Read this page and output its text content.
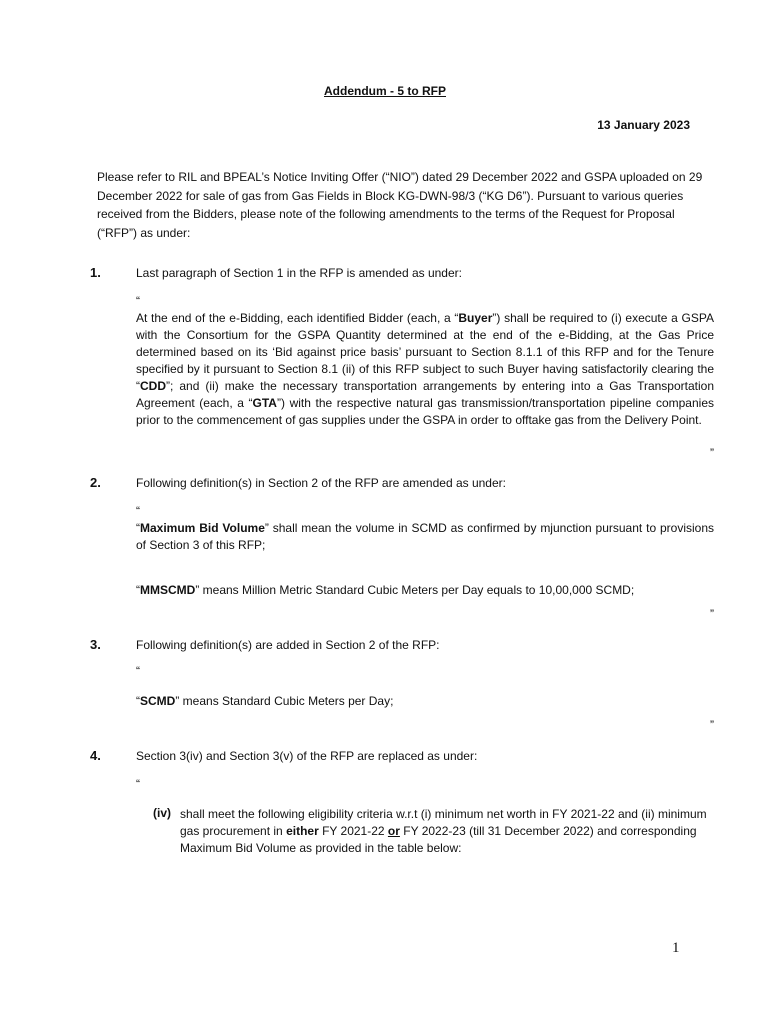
Addendum - 5 to RFP
13 January 2023
Please refer to RIL and BPEAL’s Notice Inviting Offer (“NIO”) dated 29 December 2022 and GSPA uploaded on 29 December 2022 for sale of gas from Gas Fields in Block KG-DWN-98/3 (“KG D6”). Pursuant to various queries received from the Bidders, please note of the following amendments to the terms of the Request for Proposal (“RFP”) as under:
1.	Last paragraph of Section 1 in the RFP is amended as under:
“
At the end of the e-Bidding, each identified Bidder (each, a “Buyer”) shall be required to (i) execute a GSPA with the Consortium for the GSPA Quantity determined at the end of the e-Bidding, at the Gas Price determined based on its ‘Bid against price basis’ pursuant to Section 8.1.1 of this RFP and for the Tenure specified by it pursuant to Section 8.1 (ii) of this RFP subject to such Buyer having satisfactorily clearing the “CDD”; and (ii) make the necessary transportation arrangements by entering into a Gas Transportation Agreement (each, a “GTA”) with the respective natural gas transmission/transportation pipeline companies prior to the commencement of gas supplies under the GSPA in order to offtake gas from the Delivery Point.
”
2.	Following definition(s) in Section 2 of the RFP are amended as under:
“
“Maximum Bid Volume” shall mean the volume in SCMD as confirmed by mjunction pursuant to provisions of Section 3 of this RFP;
“MMSCMD” means Million Metric Standard Cubic Meters per Day equals to 10,00,000 SCMD;
”
3.	Following definition(s) are added in Section 2 of the RFP:
“
“SCMD” means Standard Cubic Meters per Day;
”
4.	Section 3(iv) and Section 3(v) of the RFP are replaced as under:
“
(iv) shall meet the following eligibility criteria w.r.t (i) minimum net worth in FY 2021-22 and (ii) minimum gas procurement in either FY 2021-22 or FY 2022-23 (till 31 December 2022) and corresponding Maximum Bid Volume as provided in the table below:
1
